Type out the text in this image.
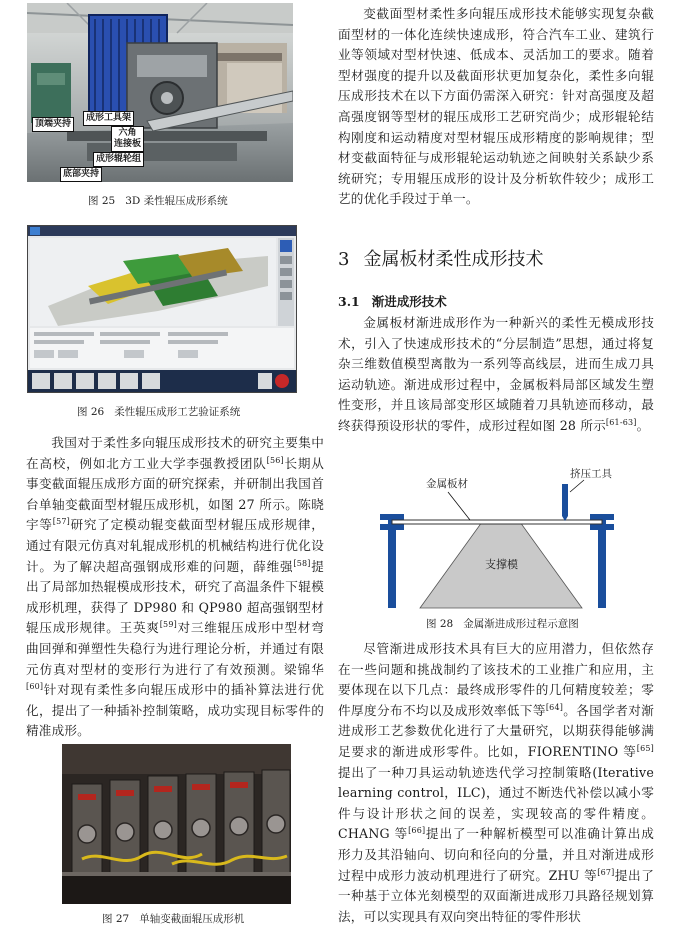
顶端夹持
成形工具架
六角
连接板
成形辊轮组
底部夹持
图 25 3D 柔性辊压成形系统
图 26 柔性辊压成形工艺验证系统

我国对于柔性多向辊压成形技术的研究主要集中在高校，例如北方工业大学李强教授团队[56]长期从事变截面辊压成形方面的研究探索，并研制出我国首台单轴变截面型材辊压成形机，如图 27 所示。陈晓宇等[57]研究了定模动辊变截面型材辊压成形规律，通过有限元仿真对轧辊成形机的机械结构进行优化设计。为了解决超高强钢成形难的问题，薛维强[58]提出了局部加热辊模成形技术，研究了高温条件下辊模成形机理，获得了 DP980 和 QP980 超高强钢型材辊压成形规律。王英爽[59]对三维辊压成形中型材弯曲回弹和弹塑性失稳行为进行理论分析，并通过有限元仿真对型材的变形行为进行了有效预测。梁锦华[60]针对现有柔性多向辊压成形中的插补算法进行优化，提出了一种插补控制策略，成功实现目标零件的精准成形。

图 27 单轴变截面辊压成形机

变截面型材柔性多向辊压成形技术能够实现复杂截面型材的一体化连续快速成形，符合汽车工业、建筑行业等领域对型材快速、低成本、灵活加工的要求。随着型材强度的提升以及截面形状更加复杂化，柔性多向辊压成形技术在以下方面仍需深入研究：针对高强度及超高强度钢等型材的辊压成形工艺研究尚少；成形辊轮结构刚度和运动精度对型材辊压成形精度的影响规律；型材变截面特征与成形辊轮运动轨迹之间映射关系缺少系统研究；专用辊压成形的设计及分析软件较少；成形工艺的优化手段过于单一。

3 金属板材柔性成形技术
3.1 渐进成形技术

金属板材渐进成形作为一种新兴的柔性无模成形技术，引入了快速成形技术的“分层制造”思想，通过将复杂三维数值模型离散为一系列等高线层，进而生成刀具运动轨迹。渐进成形过程中，金属板料局部区域发生塑性变形，并且该局部变形区域随着刀具轨迹而移动，最终获得预设形状的零件，成形过程如图 28 所示[61-63]。

金属板材
挤压工具
支撑模
图 28 金属渐进成形过程示意图

尽管渐进成形技术具有巨大的应用潜力，但依然存在一些问题和挑战制约了该技术的工业推广和应用，主要体现在以下几点：最终成形零件的几何精度较差；零件厚度分布不均以及成形效率低下等[64]。各国学者对渐进成形工艺参数优化进行了大量研究，以期获得能够满足要求的渐进成形零件。比如，FIORENTINO 等[65]提出了一种刀具运动轨迹迭代学习控制策略(Iterative learning control，ILC)，通过不断迭代补偿以减小零件与设计形状之间的误差，实现较高的零件精度。CHANG 等[66]提出了一种解析模型可以准确计算出成形力及其沿轴向、切向和径向的分量，并且对渐进成形过程中成形力波动机理进行了研究。ZHU 等[67]提出了一种基于立体光刻模型的双面渐进成形刀具路径规划算法，可以实现具有双向突出特征的零件形状
